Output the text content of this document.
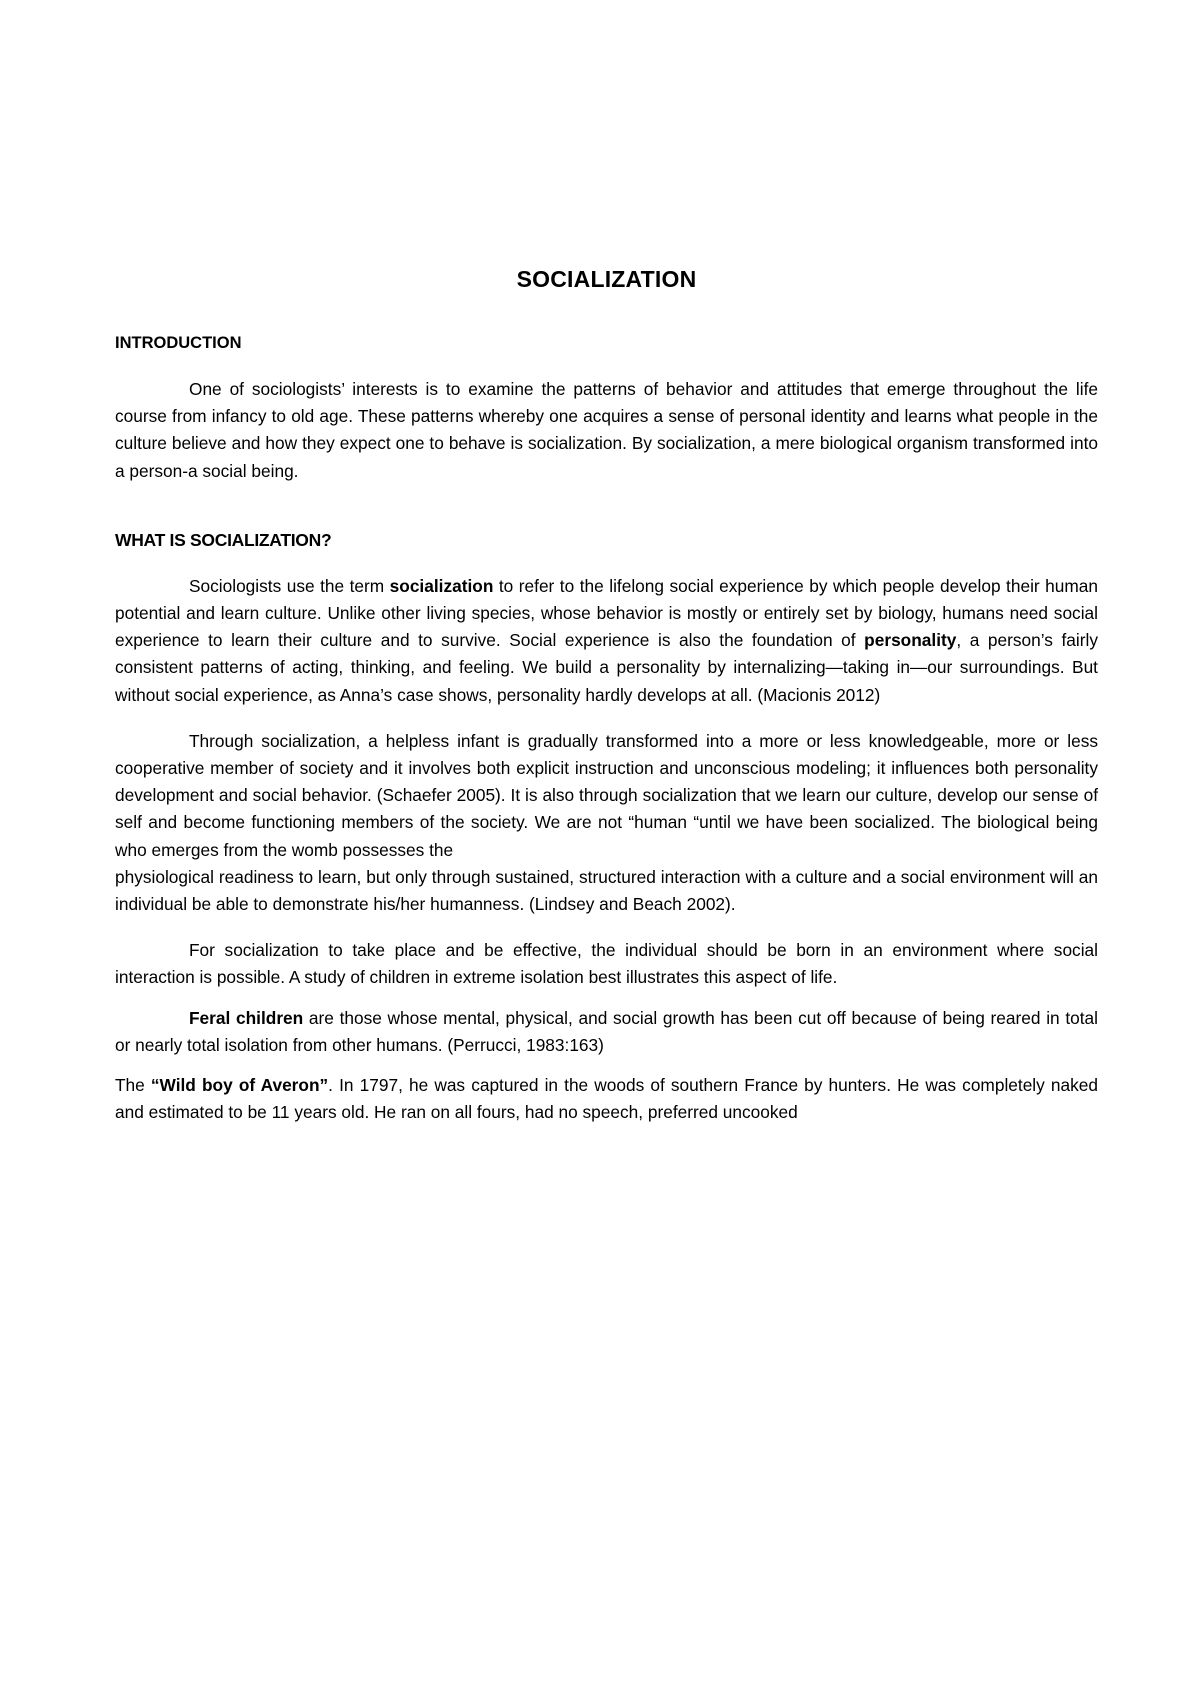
SOCIALIZATION
INTRODUCTION

One of sociologists’ interests is to examine the patterns of behavior and attitudes that emerge throughout the life course from infancy to old age. These patterns whereby one acquires a sense of personal identity and learns what people in the culture believe and how they expect one to behave is socialization. By socialization, a mere biological organism transformed into a person-a social being.

WHAT IS SOCIALIZATION?

Sociologists use the term socialization to refer to the lifelong social experience by which people develop their human potential and learn culture. Unlike other living species, whose behavior is mostly or entirely set by biology, humans need social experience to learn their culture and to survive. Social experience is also the foundation of personality, a person’s fairly consistent patterns of acting, thinking, and feeling. We build a personality by internalizing—taking in—our surroundings. But without social experience, as Anna’s case shows, personality hardly develops at all. (Macionis 2012)

Through socialization, a helpless infant is gradually transformed into a more or less knowledgeable, more or less cooperative member of society and it involves both explicit instruction and unconscious modeling; it influences both personality development and social behavior. (Schaefer 2005). It is also through socialization that we learn our culture, develop our sense of self and become functioning members of the society. We are not “human “until we have been socialized. The biological being who emerges from the womb possesses the

physiological readiness to learn, but only through sustained, structured interaction with a culture and a social environment will an individual be able to demonstrate his/her humanness. (Lindsey and Beach 2002).

For socialization to take place and be effective, the individual should be born in an environment where social interaction is possible. A study of children in extreme isolation best illustrates this aspect of life.

Feral children are those whose mental, physical, and social growth has been cut off because of being reared in total or nearly total isolation from other humans. (Perrucci, 1983:163)

The “Wild boy of Averon”. In 1797, he was captured in the woods of southern France by hunters. He was completely naked and estimated to be 11 years old. He ran on all fours, had no speech, preferred uncooked
